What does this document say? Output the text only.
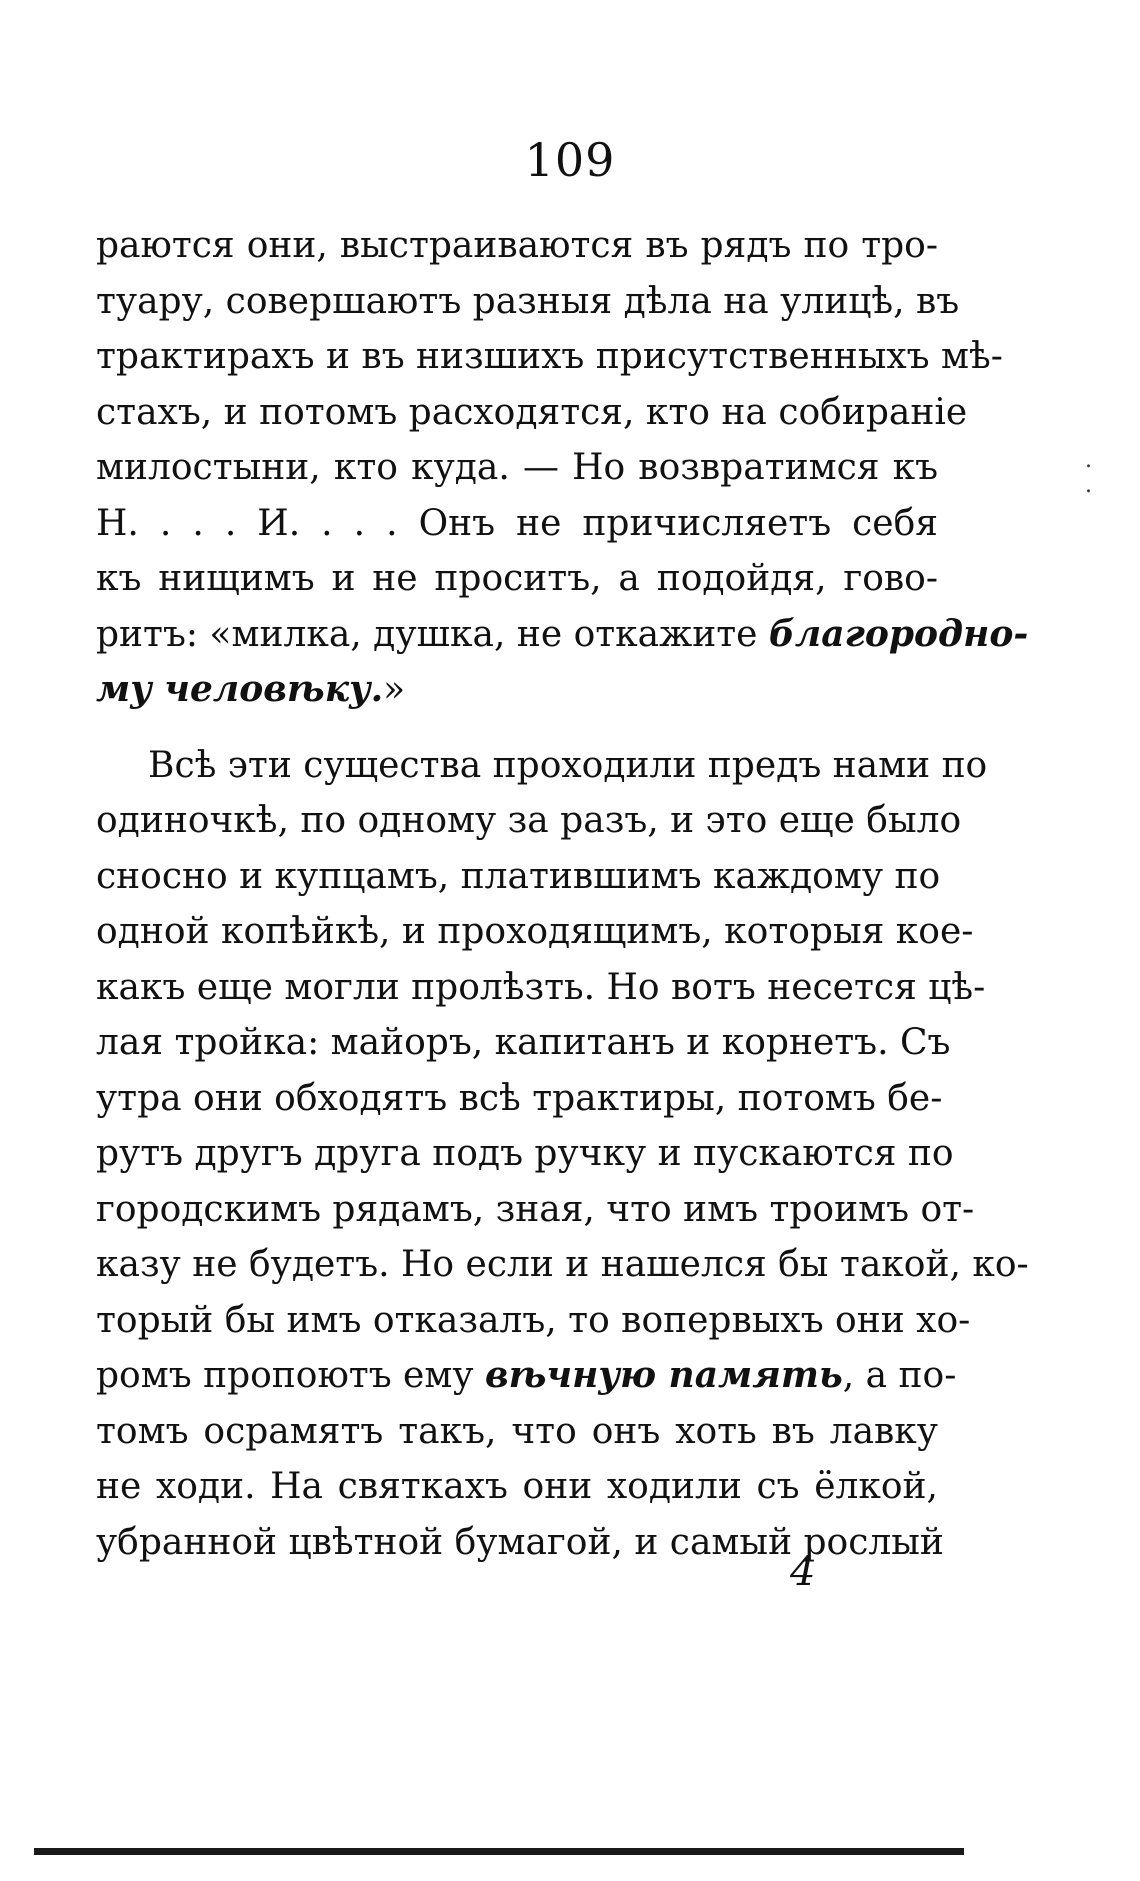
109
. .
раются они, выстраиваются въ рядъ по тро-
туару, совершаютъ разныя дѣла на улицѣ, въ
трактирахъ и въ низшихъ присутственныхъ мѣ-
стахъ, и потомъ расходятся, кто на собираніе
милостыни, кто куда. — Но возвратимся къ
Н. . . . И. . . . Онъ не причисляетъ себя
къ нищимъ и не проситъ, а подойдя, гово-
ритъ: «милка, душка, не откажите благородно-
му человѣку.»
Всѣ эти существа проходили предъ нами по
одиночкѣ, по одному за разъ, и это еще было
сносно и купцамъ, платившимъ каждому по
одной копѣйкѣ, и проходящимъ, которыя кое-
какъ еще могли пролѣзть. Но вотъ несется цѣ-
лая тройка: майоръ, капитанъ и корнетъ. Съ
утра они обходятъ всѣ трактиры, потомъ бе-
рутъ другъ друга подъ ручку и пускаются по
городскимъ рядамъ, зная, что имъ троимъ от-
казу не будетъ. Но если и нашелся бы такой, ко-
торый бы имъ отказалъ, то вопервыхъ они хо-
ромъ пропоютъ ему вѣчную память, а по-
томъ осрамятъ такъ, что онъ хоть въ лавку
не ходи. На святкахъ они ходили съ ёлкой,
убранной цвѣтной бумагой, и самый рослый
4
